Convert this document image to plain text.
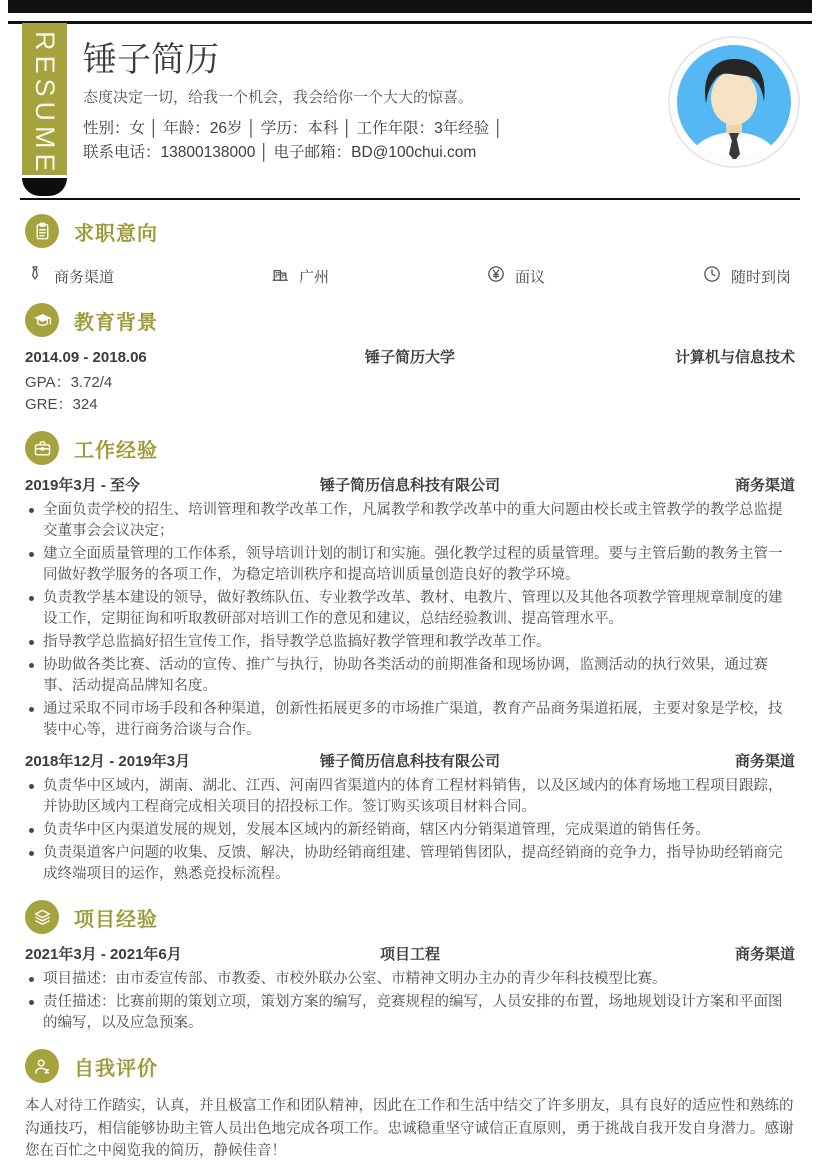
RESUME 锤子简历

态度决定一切，给我一个机会，我会给你一个大大的惊喜。

性别：女 │ 年龄：26岁 │ 学历：本科 │ 工作年限：3年经验 │

联系电话：13800138000 │ 电子邮箱：BD@100chui.com

求职意向
商务渠道	广州	面议	随时到岗
教育背景
2014.09 - 2018.06	锤子简历大学	计算机与信息技术
GPA：3.72/4
GRE：324
工作经验
2019年3月 - 至今	锤子简历信息科技有限公司	商务渠道
全面负责学校的招生、培训管理和教学改革工作，凡属教学和教学改革中的重大问题由校长或主管教学的教学总监提交董事会会议决定；
建立全面质量管理的工作体系，领导培训计划的制订和实施。强化教学过程的质量管理。要与主管后勤的教务主管一同做好教学服务的各项工作，为稳定培训秩序和提高培训质量创造良好的教学环境。
负责教学基本建设的领导，做好教练队伍、专业教学改革、教材、电教片、管理以及其他各项教学管理规章制度的建设工作，定期征询和听取教研部对培训工作的意见和建议，总结经验教训、提高管理水平。
指导教学总监搞好招生宣传工作，指导教学总监搞好教学管理和教学改革工作。
协助做各类比赛、活动的宣传、推广与执行，协助各类活动的前期准备和现场协调，监测活动的执行效果，通过赛事、活动提高品牌知名度。
通过采取不同市场手段和各种渠道，创新性拓展更多的市场推广渠道，教育产品商务渠道拓展，主要对象是学校，技装中心等，进行商务洽谈与合作。
2018年12月 - 2019年3月	锤子简历信息科技有限公司	商务渠道
负责华中区域内，湖南、湖北、江西、河南四省渠道内的体育工程材料销售，以及区域内的体育场地工程项目跟踪，并协助区域内工程商完成相关项目的招投标工作。签订购买该项目材料合同。
负责华中区内渠道发展的规划，发展本区域内的新经销商，辖区内分销渠道管理，完成渠道的销售任务。
负责渠道客户问题的收集、反馈、解决，协助经销商组建、管理销售团队，提高经销商的竞争力，指导协助经销商完成终端项目的运作，熟悉竞投标流程。
项目经验
2021年3月 - 2021年6月	项目工程	商务渠道
项目描述：由市委宣传部、市教委、市校外联办公室、市精神文明办主办的青少年科技模型比赛。
责任描述：比赛前期的策划立项，策划方案的编写，竞赛规程的编写，人员安排的布置，场地规划设计方案和平面图的编写，以及应急预案。
自我评价

本人对待工作踏实，认真，并且极富工作和团队精神，因此在工作和生活中结交了许多朋友，具有良好的适应性和熟练的沟通技巧，相信能够协助主管人员出色地完成各项工作。忠诚稳重坚守诚信正直原则，勇于挑战自我开发自身潜力。感谢您在百忙之中阅览我的简历，静候佳音！
